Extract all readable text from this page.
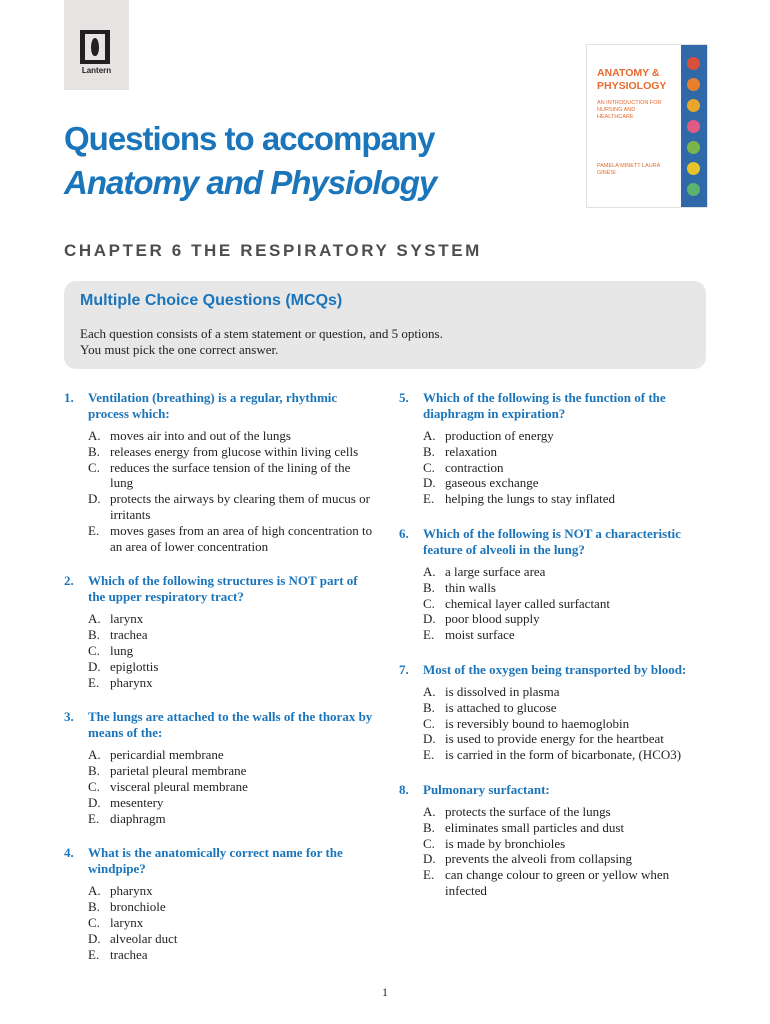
Lantern	ANATOMY & PHYSIOLOGY
AN INTRODUCTION FOR NURSING AND HEALTHCARE
PAMELA MINETT LAURA GINESI
Questions to accompany
Anatomy and Physiology
CHAPTER 6 THE RESPIRATORY SYSTEM
Multiple Choice Questions (MCQs)
Each question consists of a stem statement or question, and 5 options.
You must pick the one correct answer.
1.	Ventilation (breathing) is a regular, rhythmic process which:
A. moves air into and out of the lungs
B. releases energy from glucose within living cells
C. reduces the surface tension of the lining of the lung
D. protects the airways by clearing them of mucus or irritants
E. moves gases from an area of high concentration to an area of lower concentration
2.	Which of the following structures is NOT part of the upper respiratory tract?
A. larynx
B. trachea
C. lung
D. epiglottis
E. pharynx
3.	The lungs are attached to the walls of the thorax by means of the:
A. pericardial membrane
B. parietal pleural membrane
C. visceral pleural membrane
D. mesentery
E. diaphragm
4.	What is the anatomically correct name for the windpipe?
A. pharynx
B. bronchiole
C. larynx
D. alveolar duct
E. trachea
5.	Which of the following is the function of the diaphragm in expiration?
A. production of energy
B. relaxation
C. contraction
D. gaseous exchange
E. helping the lungs to stay inflated
6.	Which of the following is NOT a characteristic feature of alveoli in the lung?
A. a large surface area
B. thin walls
C. chemical layer called surfactant
D. poor blood supply
E. moist surface
7.	Most of the oxygen being transported by blood:
A. is dissolved in plasma
B. is attached to glucose
C. is reversibly bound to haemoglobin
D. is used to provide energy for the heartbeat
E. is carried in the form of bicarbonate, (HCO3)
8.	Pulmonary surfactant:
A. protects the surface of the lungs
B. eliminates small particles and dust
C. is made by bronchioles
D. prevents the alveoli from collapsing
E. can change colour to green or yellow when infected
1
